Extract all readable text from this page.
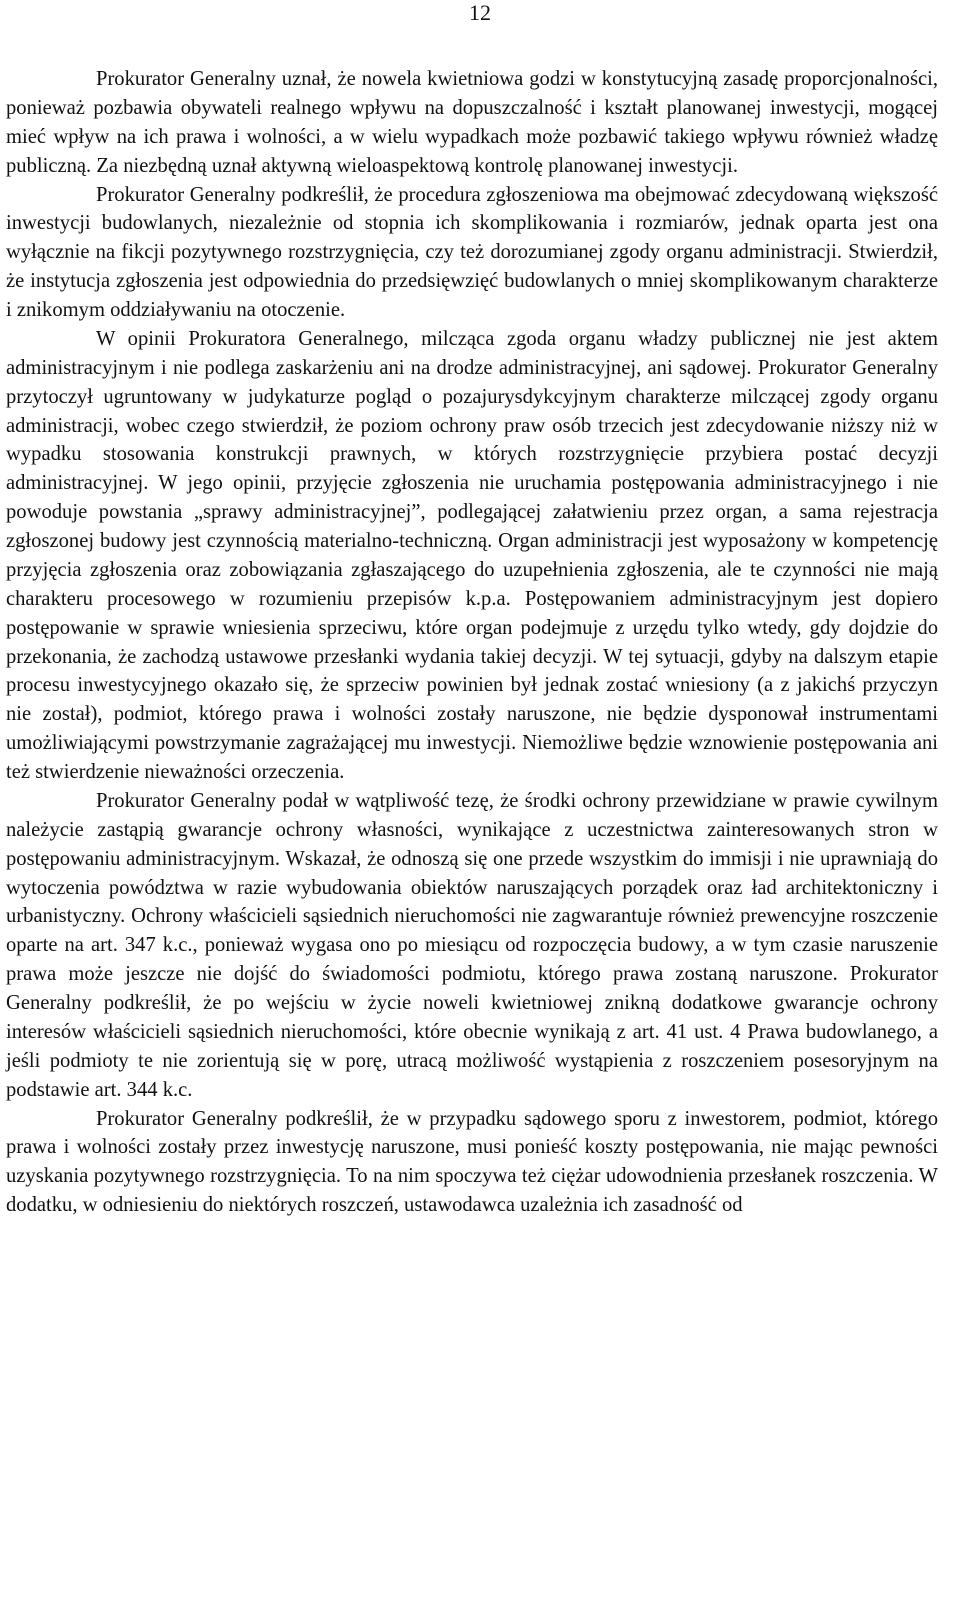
12

Prokurator Generalny uznał, że nowela kwietniowa godzi w konstytucyjną zasadę proporcjonalności, ponieważ pozbawia obywateli realnego wpływu na dopuszczalność i kształt planowanej inwestycji, mogącej mieć wpływ na ich prawa i wolności, a w wielu wypadkach może pozbawić takiego wpływu również władzę publiczną. Za niezbędną uznał aktywną wieloaspektową kontrolę planowanej inwestycji.

Prokurator Generalny podkreślił, że procedura zgłoszeniowa ma obejmować zdecydowaną większość inwestycji budowlanych, niezależnie od stopnia ich skomplikowania i rozmiarów, jednak oparta jest ona wyłącznie na fikcji pozytywnego rozstrzygnięcia, czy też dorozumianej zgody organu administracji. Stwierdził, że instytucja zgłoszenia jest odpowiednia do przedsięwzięć budowlanych o mniej skomplikowanym charakterze i znikomym oddziaływaniu na otoczenie.

W opinii Prokuratora Generalnego, milcząca zgoda organu władzy publicznej nie jest aktem administracyjnym i nie podlega zaskarżeniu ani na drodze administracyjnej, ani sądowej. Prokurator Generalny przytoczył ugruntowany w judykaturze pogląd o pozajurysdykcyjnym charakterze milczącej zgody organu administracji, wobec czego stwierdził, że poziom ochrony praw osób trzecich jest zdecydowanie niższy niż w wypadku stosowania konstrukcji prawnych, w których rozstrzygnięcie przybiera postać decyzji administracyjnej. W jego opinii, przyjęcie zgłoszenia nie uruchamia postępowania administracyjnego i nie powoduje powstania „sprawy administracyjnej”, podlegającej załatwieniu przez organ, a sama rejestracja zgłoszonej budowy jest czynnością materialno-techniczną. Organ administracji jest wyposażony w kompetencję przyjęcia zgłoszenia oraz zobowiązania zgłaszającego do uzupełnienia zgłoszenia, ale te czynności nie mają charakteru procesowego w rozumieniu przepisów k.p.a. Postępowaniem administracyjnym jest dopiero postępowanie w sprawie wniesienia sprzeciwu, które organ podejmuje z urzędu tylko wtedy, gdy dojdzie do przekonania, że zachodzą ustawowe przesłanki wydania takiej decyzji. W tej sytuacji, gdyby na dalszym etapie procesu inwestycyjnego okazało się, że sprzeciw powinien był jednak zostać wniesiony (a z jakichś przyczyn nie został), podmiot, którego prawa i wolności zostały naruszone, nie będzie dysponował instrumentami umożliwiającymi powstrzymanie zagrażającej mu inwestycji. Niemożliwe będzie wznowienie postępowania ani też stwierdzenie nieważności orzeczenia.

Prokurator Generalny podał w wątpliwość tezę, że środki ochrony przewidziane w prawie cywilnym należycie zastąpią gwarancje ochrony własności, wynikające z uczestnictwa zainteresowanych stron w postępowaniu administracyjnym. Wskazał, że odnoszą się one przede wszystkim do immisji i nie uprawniają do wytoczenia powództwa w razie wybudowania obiektów naruszających porządek oraz ład architektoniczny i urbanistyczny. Ochrony właścicieli sąsiednich nieruchomości nie zagwarantuje również prewencyjne roszczenie oparte na art. 347 k.c., ponieważ wygasa ono po miesiącu od rozpoczęcia budowy, a w tym czasie naruszenie prawa może jeszcze nie dojść do świadomości podmiotu, którego prawa zostaną naruszone. Prokurator Generalny podkreślił, że po wejściu w życie noweli kwietniowej znikną dodatkowe gwarancje ochrony interesów właścicieli sąsiednich nieruchomości, które obecnie wynikają z art. 41 ust. 4 Prawa budowlanego, a jeśli podmioty te nie zorientują się w porę, utracą możliwość wystąpienia z roszczeniem posesoryjnym na podstawie art. 344 k.c.

Prokurator Generalny podkreślił, że w przypadku sądowego sporu z inwestorem, podmiot, którego prawa i wolności zostały przez inwestycję naruszone, musi ponieść koszty postępowania, nie mając pewności uzyskania pozytywnego rozstrzygnięcia. To na nim spoczywa też ciężar udowodnienia przesłanek roszczenia. W dodatku, w odniesieniu do niektórych roszczeń, ustawodawca uzależnia ich zasadność od
